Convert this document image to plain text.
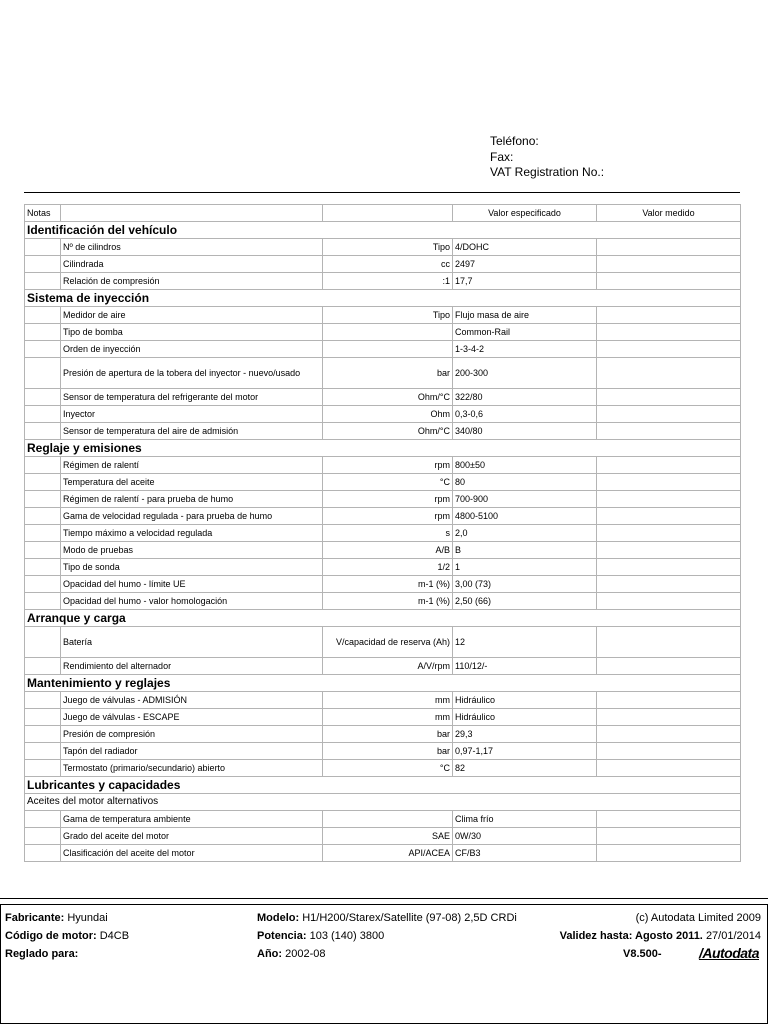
Teléfono:
Fax:
VAT Registration No.:
Notas			Valor especificado	Valor medido
Identificación del vehículo				
	Nº de cilindros	Tipo	4/DOHC	
	Cilindrada	cc	2497	
	Relación de compresión	:1	17,7	
Sistema de inyección				
	Medidor de aire	Tipo	Flujo masa de aire	
	Tipo de bomba		Common-Rail	
	Orden de inyección		1-3-4-2	
	Presión de apertura de la tobera del inyector - nuevo/usado	bar	200-300	
	Sensor de temperatura del refrigerante del motor	Ohm/°C	322/80	
	Inyector	Ohm	0,3-0,6	
	Sensor de temperatura del aire de admisión	Ohm/°C	340/80	
Reglaje y emisiones				
	Régimen de ralentí	rpm	800±50	
	Temperatura del aceite	°C	80	
	Régimen de ralentí - para prueba de humo	rpm	700-900	
	Gama de velocidad regulada - para prueba de humo	rpm	4800-5100	
	Tiempo máximo a velocidad regulada	s	2,0	
	Modo de pruebas	A/B	B	
	Tipo de sonda	1/2	1	
	Opacidad del humo - límite UE	m-1 (%)	3,00 (73)	
	Opacidad del humo - valor homologación	m-1 (%)	2,50 (66)	
Arranque y carga				
	Batería	V/capacidad de reserva (Ah)	12	
	Rendimiento del alternador	A/V/rpm	110/12/-	
Mantenimiento y reglajes				
	Juego de válvulas - ADMISIÓN	mm	Hidráulico	
	Juego de válvulas - ESCAPE	mm	Hidráulico	
	Presión de compresión	bar	29,3	
	Tapón del radiador	bar	0,97-1,17	
	Termostato (primario/secundario) abierto	°C	82	
Lubricantes y capacidades				
Aceites del motor alternativos				
	Gama de temperatura ambiente		Clima frío	
	Grado del aceite del motor	SAE	0W/30	
	Clasificación del aceite del motor	API/ACEA	CF/B3	
Fabricante: Hyundai
Código de motor: D4CB
Reglado para:
Modelo: H1/H200/Starex/Satellite (97-08) 2,5D CRDi
Potencia: 103 (140) 3800
Año: 2002-08
(c) Autodata Limited 2009
Validez hasta: Agosto 2011. 27/01/2014
V8.500-	/Autodata
